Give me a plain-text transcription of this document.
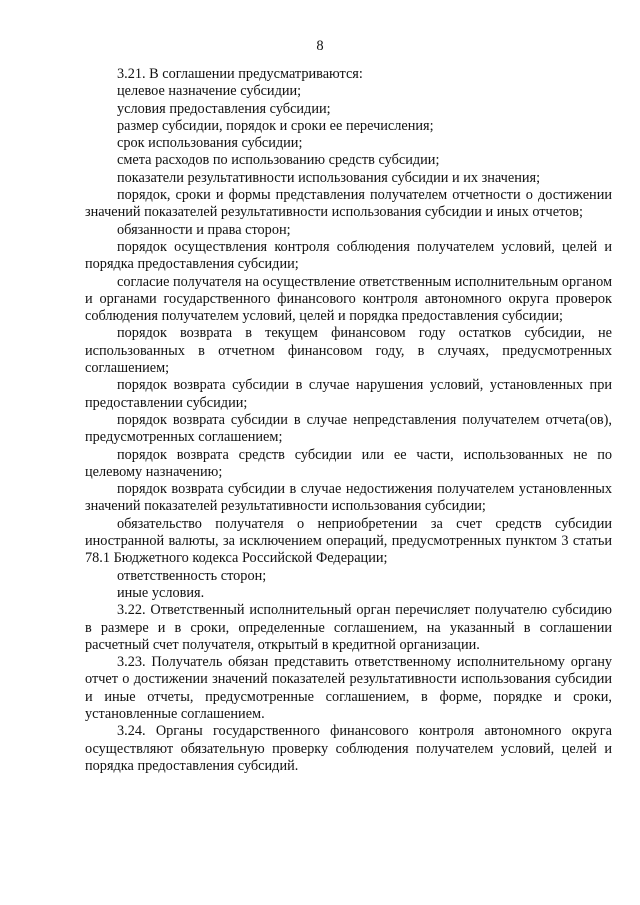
8

3.21. В соглашении предусматриваются:

целевое назначение субсидии;

условия предоставления субсидии;

размер субсидии, порядок и сроки ее перечисления;

срок использования субсидии;

смета расходов по использованию средств субсидии;

показатели результативности использования субсидии и их значения;

порядок, сроки и формы представления получателем отчетности о достижении значений показателей результативности использования субсидии и иных отчетов;

обязанности и права сторон;

порядок осуществления контроля соблюдения получателем условий, целей и порядка предоставления субсидии;

согласие получателя на осуществление ответственным исполнительным органом и органами государственного финансового контроля автономного округа проверок соблюдения получателем условий, целей и порядка предоставления субсидии;

порядок возврата в текущем финансовом году остатков субсидии, не использованных в отчетном финансовом году, в случаях, предусмотренных соглашением;

порядок возврата субсидии в случае нарушения условий, установленных при предоставлении субсидии;

порядок возврата субсидии в случае непредставления получателем отчета(ов), предусмотренных соглашением;

порядок возврата средств субсидии или ее части, использованных не по целевому назначению;

порядок возврата субсидии в случае недостижения получателем установленных значений показателей результативности использования субсидии;

обязательство получателя о неприобретении за счет средств субсидии иностранной валюты, за исключением операций, предусмотренных пунктом 3 статьи 78.1 Бюджетного кодекса Российской Федерации;

ответственность сторон;

иные условия.

3.22. Ответственный исполнительный орган перечисляет получателю субсидию в размере и в сроки, определенные соглашением, на указанный в соглашении расчетный счет получателя, открытый в кредитной организации.

3.23. Получатель обязан представить ответственному исполнительному органу отчет о достижении значений показателей результативности использования субсидии и иные отчеты, предусмотренные соглашением, в форме, порядке и сроки, установленные соглашением.

3.24. Органы государственного финансового контроля автономного округа осуществляют обязательную проверку соблюдения получателем условий, целей и порядка предоставления субсидий.
